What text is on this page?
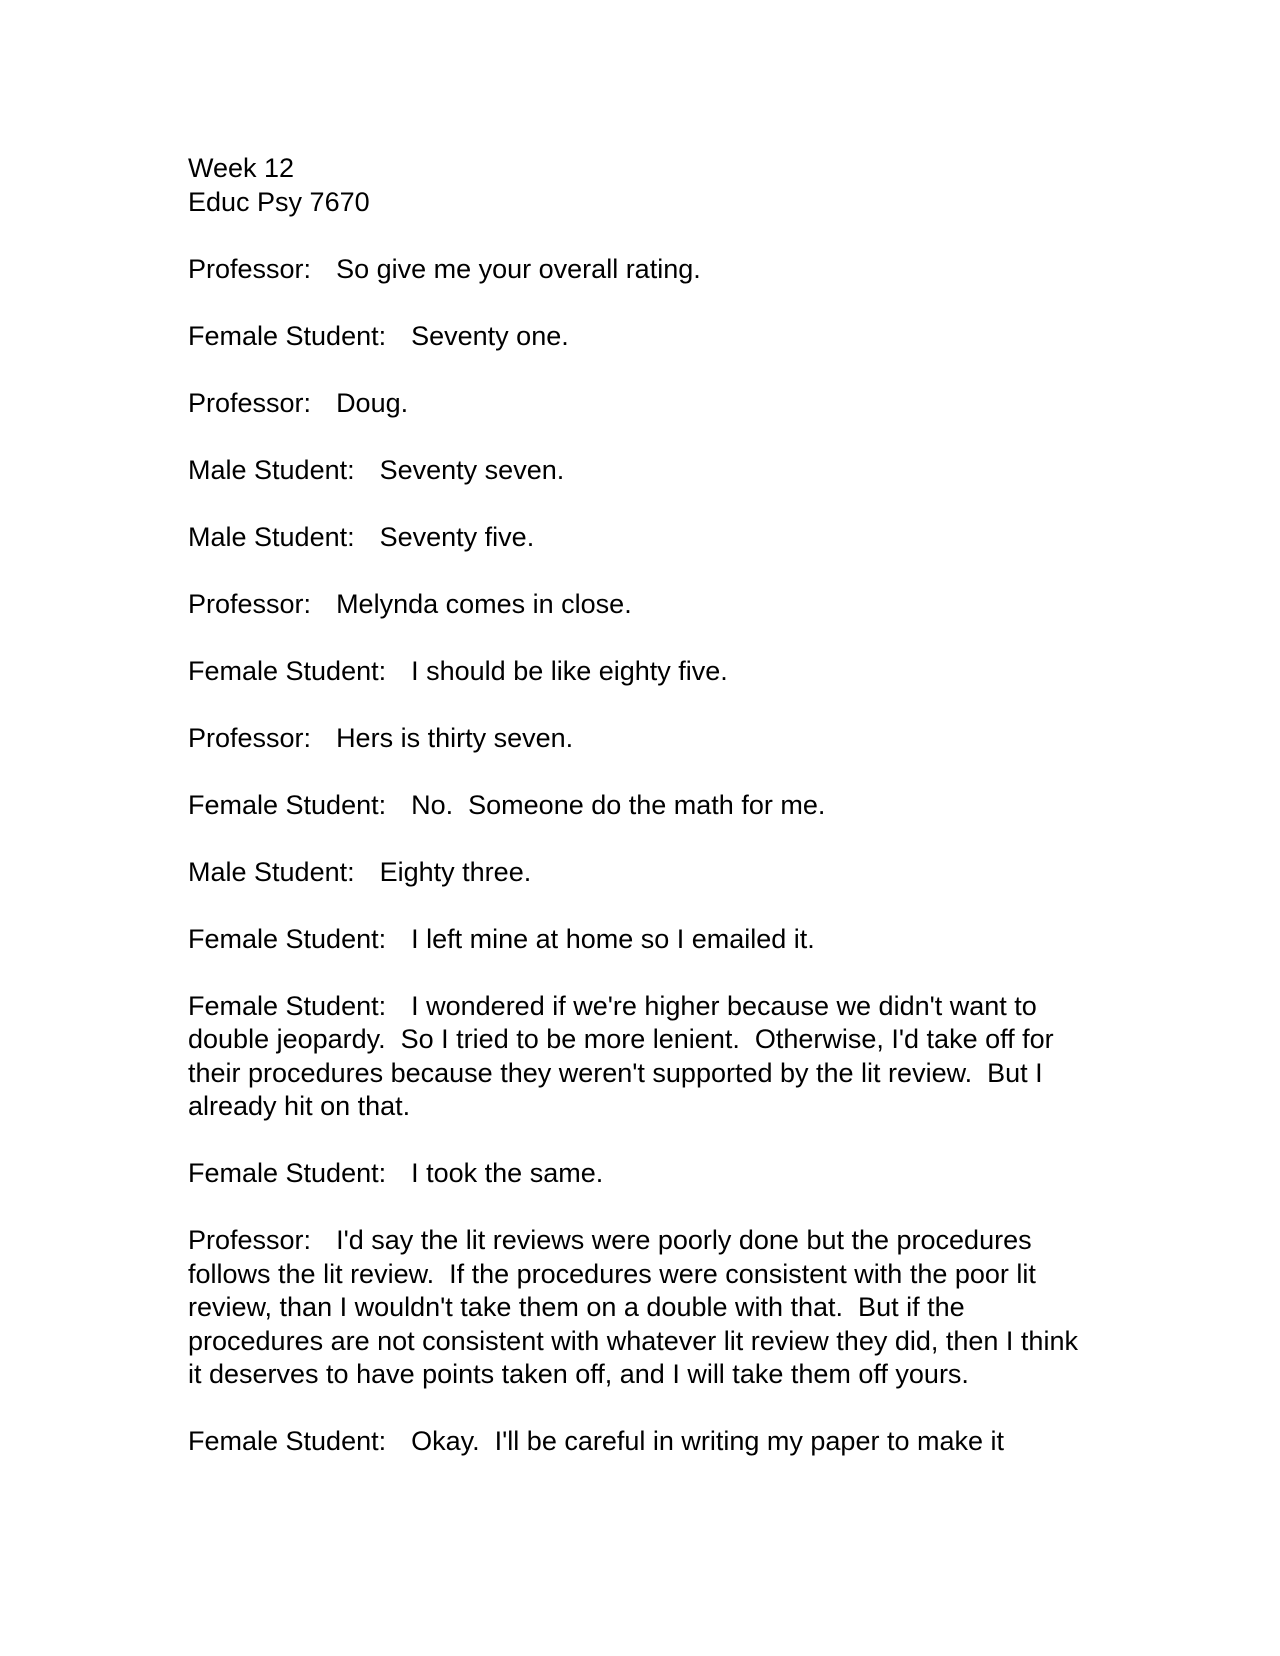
Week 12
Educ Psy 7670

Professor : So give me your overall rating.

Female Student : Seventy one.

Professor : Doug.

Male Student : Seventy seven.

Male Student : Seventy five.

Professor : Melynda comes in close.

Female Student : I should be like eighty five.

Professor : Hers is thirty seven.

Female Student : No.  Someone do the math for me.

Male Student : Eighty three.

Female Student : I left mine at home so I emailed it.

Female Student : I wondered if we're higher because we didn't want to double jeopardy.  So I tried to be more lenient.  Otherwise, I'd take off for their procedures because they weren't supported by the lit review.  But I already hit on that.

Female Student : I took the same.

Professor : I'd say the lit reviews were poorly done but the procedures follows the lit review.  If the procedures were consistent with the poor lit review, than I wouldn't take them on a double with that.  But if the procedures are not consistent with whatever lit review they did, then I think it deserves to have points taken off, and I will take them off yours.

Female Student : Okay.  I'll be careful in writing my paper to make it
